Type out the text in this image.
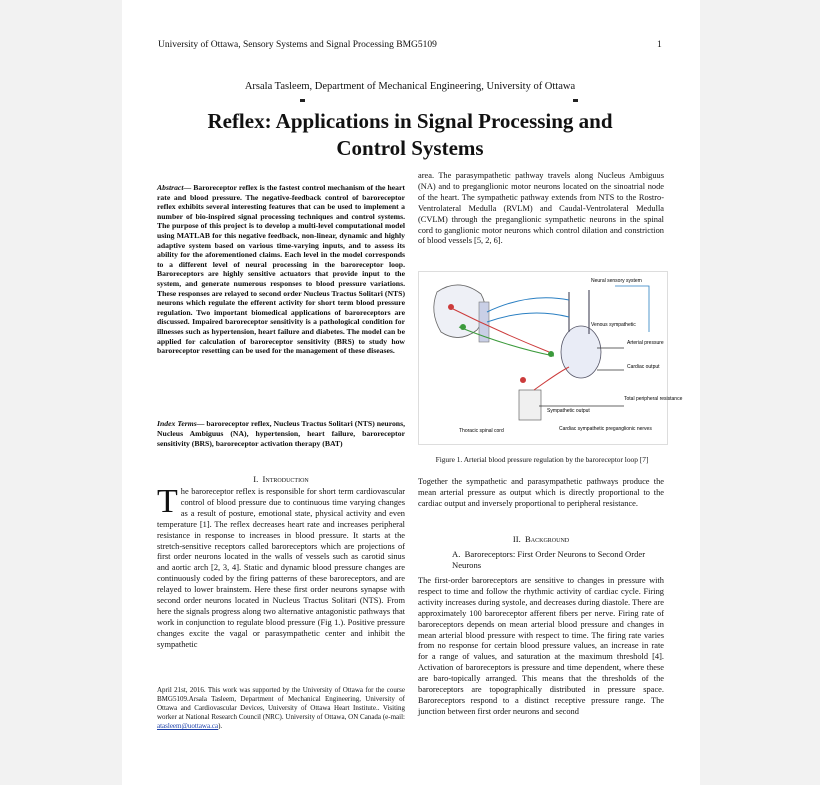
University of Ottawa, Sensory Systems and Signal Processing BMG5109	1
Arsala Tasleem, Department of Mechanical Engineering, University of Ottawa
Reflex: Applications in Signal Processing and Control Systems
Abstract— Baroreceptor reflex is the fastest control mechanism of the heart rate and blood pressure. The negative-feedback control of baroreceptor reflex exhibits several interesting features that can be used to implement a number of bio-inspired signal processing techniques and control systems. The purpose of this project is to develop a multi-level computational model using MATLAB for this negative feedback, non-linear, dynamic and highly adaptive system based on various time-varying inputs, and to assess its ability for the aforementioned claims. Each level in the model corresponds to a different level of neural processing in the baroreceptor loop. Baroreceptors are highly sensitive actuators that provide input to the system, and generate numerous responses to blood pressure variations. These responses are relayed to second order Nucleus Tractus Solitari (NTS) neurons which regulate the efferent activity for short term blood pressure regulation. Two important biomedical applications of baroreceptors are discussed. Impaired baroreceptor sensitivity is a pathological condition for illnesses such as hypertension, heart failure and diabetes. The model can be applied for calculation of baroreceptor sensitivity (BRS) to study how baroreceptor resetting can be used for the management of these diseases.
Index Terms— baroreceptor reflex, Nucleus Tractus Solitari (NTS) neurons, Nucleus Ambiguus (NA), hypertension, heart failure, baroreceptor sensitivity (BRS), baroreceptor activation therapy (BAT)
I. Introduction
The baroreceptor reflex is responsible for short term cardiovascular control of blood pressure due to continuous time varying changes as a result of posture, emotional state, physical activity and even temperature [1]. The reflex decreases heart rate and increases peripheral resistance in response to increases in blood pressure. It starts at the stretch-sensitive receptors called baroreceptors which are projections of first order neurons located in the walls of vessels such as carotid sinus and aortic arch [2, 3, 4]. Static and dynamic blood pressure changes are continuously coded by the firing patterns of these baroreceptors, and are relayed to lower brainstem. Here these first order neurons synapse with second order neurons located in Nucleus Tractus Solitari (NTS). From here the signals progress along two alternative antagonistic pathways that work in conjunction to regulate blood pressure (Fig 1.). Positive pressure changes excite the vagal or parasympathetic center and inhibit the sympathetic
April 21st, 2016. This work was supported by the University of Ottawa for the course BMG5109.Arsala Tasleem, Department of Mechanical Engineering, University of Ottawa and Cardiovascular Devices, University of Ottawa Heart Institute.. Visiting worker at National Research Council (NRC). University of Ottawa, ON Canada (e-mail: atasleem@uottawa.ca).
area. The parasympathetic pathway travels along Nucleus Ambiguus (NA) and to preganglionic motor neurons located on the sinoatrial node of the heart. The sympathetic pathway extends from NTS to the Rostro-Ventrolateral Medulla (RVLM) and Caudal-Ventrolateral Medulla (CVLM) through the preganglionic sympathetic neurons in the spinal cord to ganglionic motor neurons which control dilation and constriction of blood vessels [5, 2, 6].
Neural sensory system
Venous sympathetic
Arterial pressure
Cardiac output
Total peripheral resistance
Sympathetic output
Thoracic spinal cord	Cardiac sympathetic preganglionic nerves
Figure 1. Arterial blood pressure regulation by the baroreceptor loop [7]
Together the sympathetic and parasympathetic pathways produce the mean arterial pressure as output which is directly proportional to the cardiac output and inversely proportional to peripheral resistance.
II. Background
A. Baroreceptors: First Order Neurons to Second Order Neurons
The first-order baroreceptors are sensitive to changes in pressure with respect to time and follow the rhythmic activity of cardiac cycle. Firing activity increases during systole, and decreases during diastole. There are approximately 100 baroreceptor afferent fibers per nerve. Firing rate of baroreceptors depends on mean arterial blood pressure and changes in mean arterial blood pressure with respect to time. The firing rate varies from no response for certain blood pressure values, an increase in rate for a range of values, and saturation at the maximum threshold [4]. Activation of baroreceptors is pressure and time dependent, where these are baro-topically arranged. This means that the thresholds of the baroreceptors are topographically distributed in pressure space. Baroreceptors respond to a distinct receptive pressure range. The junction between first order neurons and second
